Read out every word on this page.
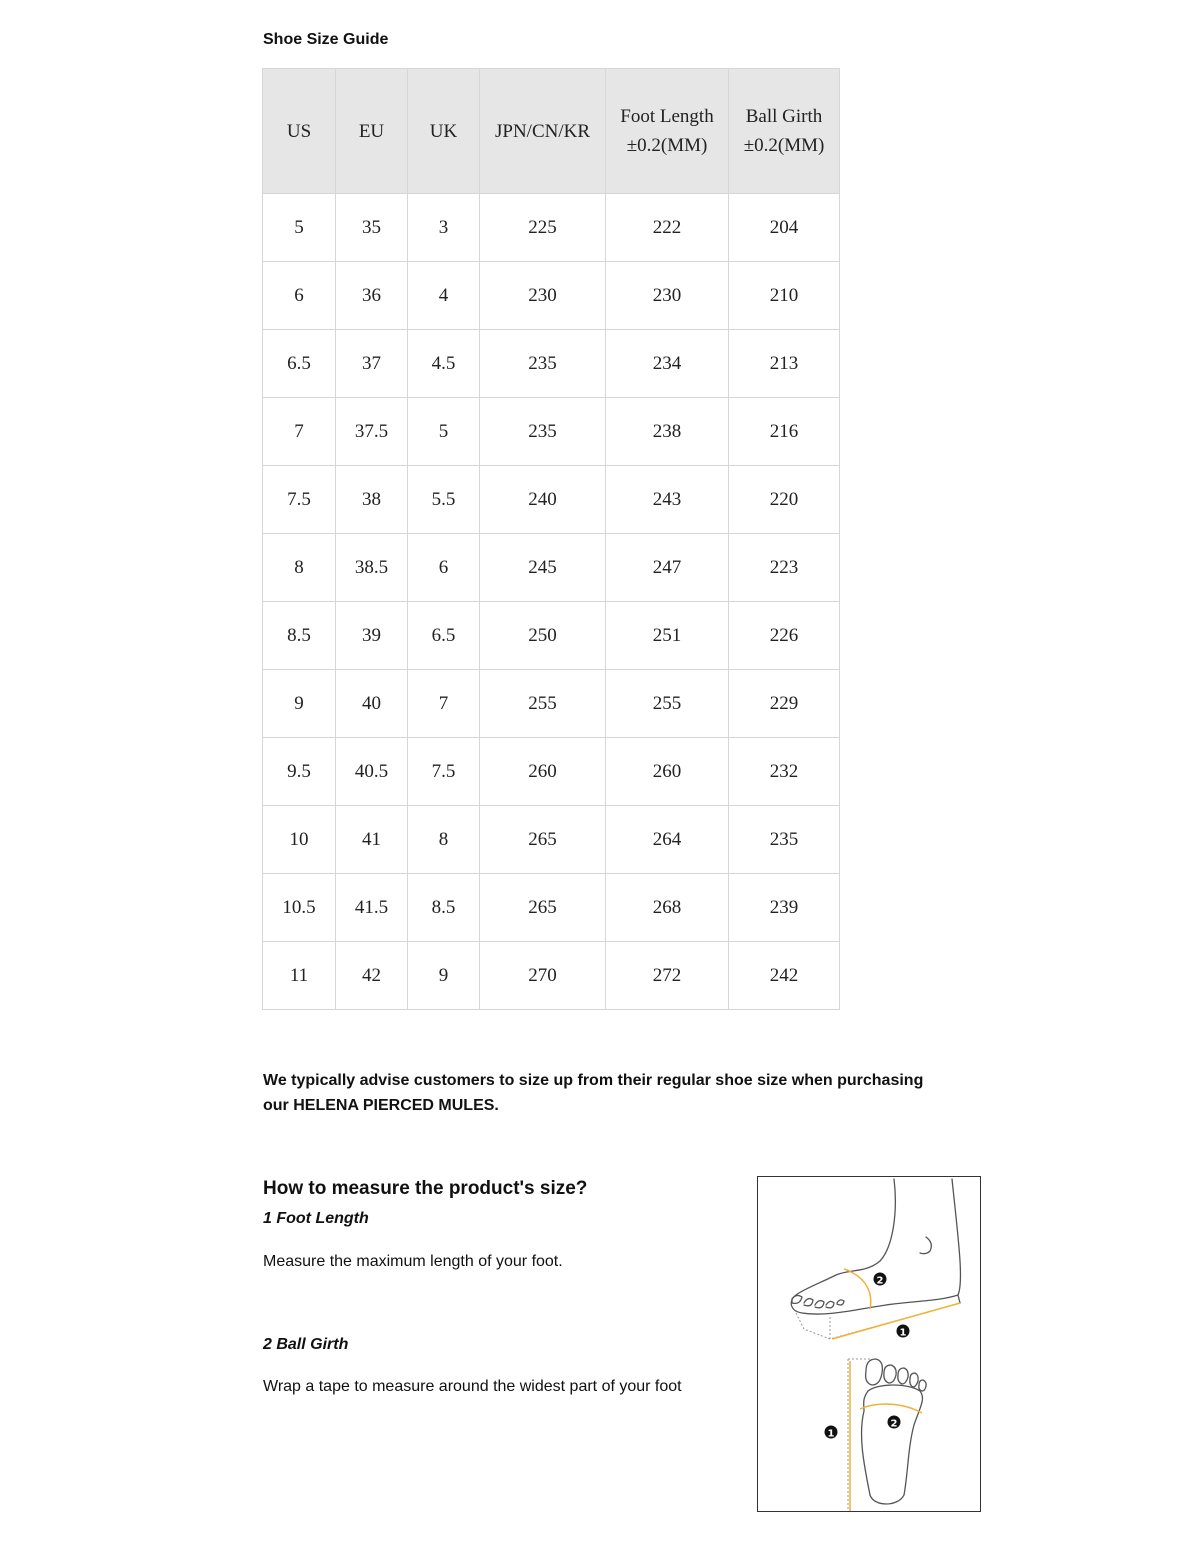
Shoe Size Guide
US	EU	UK	JPN/CN/KR	Foot Length ±0.2(MM)	Ball Girth ±0.2(MM)
5	35	3	225	222	204
6	36	4	230	230	210
6.5	37	4.5	235	234	213
7	37.5	5	235	238	216
7.5	38	5.5	240	243	220
8	38.5	6	245	247	223
8.5	39	6.5	250	251	226
9	40	7	255	255	229
9.5	40.5	7.5	260	260	232
10	41	8	265	264	235
10.5	41.5	8.5	265	268	239
11	42	9	270	272	242
We typically advise customers to size up from their regular shoe size when purchasing our HELENA PIERCED MULES.
How to measure the product's size?
1 Foot Length
Measure the maximum length of your foot.
2 Ball Girth
Wrap a tape to measure around the widest part of your foot
2
1
2
1
